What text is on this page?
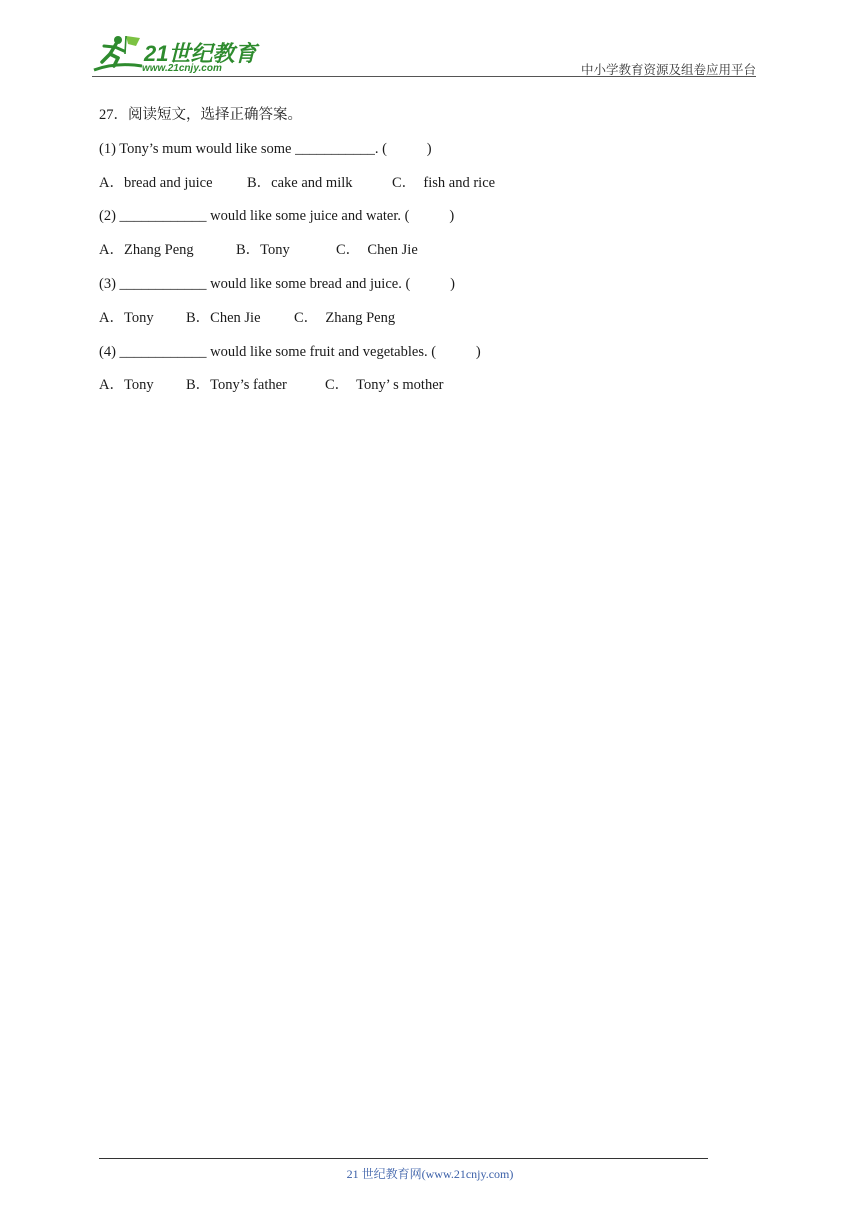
21世纪教育
www.21cnjy.com	中小学教育资源及组卷应用平台
27．阅读短文，选择正确答案。
(1) Tony’s mum would like some ___________. (           )
A．bread and juice	B．cake and milk	C．  fish and rice
(2) ____________ would like some juice and water. (           )
A．Zhang Peng	B．Tony	C．  Chen Jie
(3) ____________ would like some bread and juice. (           )
A．Tony	B．Chen Jie	C．  Zhang Peng
(4) ____________ would like some fruit and vegetables. (           )
A．Tony	B．Tony’s father	C．  Tony’ s mother
21 世纪教育网(www.21cnjy.com)
